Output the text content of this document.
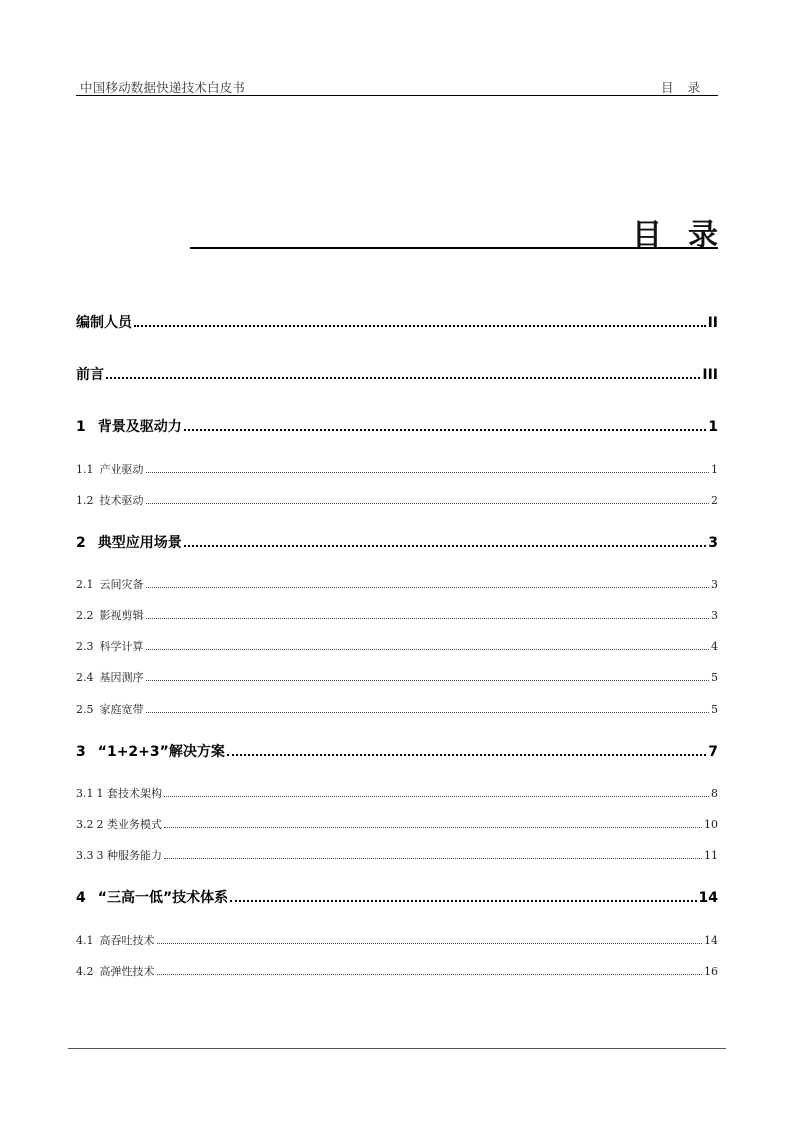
中国移动数据快递技术白皮书	目录
目录
编制人员	II
前言	III
1 背景及驱动力	1
1.1 产业驱动	1
1.2 技术驱动	2
2 典型应用场景	3
2.1 云间灾备	3
2.2 影视剪辑	3
2.3 科学计算	4
2.4 基因测序	5
2.5 家庭宽带	5
3 “1+2+3”解决方案	7
3.1 1 套技术架构	8
3.2 2 类业务模式	10
3.3 3 种服务能力	11
4 “三高一低”技术体系	14
4.1 高吞吐技术	14
4.2 高弹性技术	16
